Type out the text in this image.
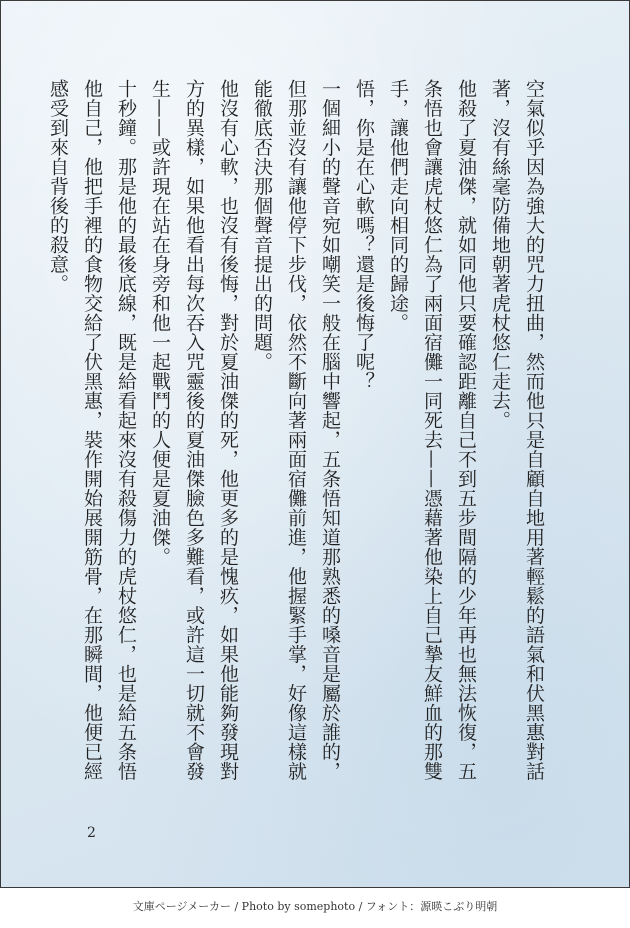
空氣似乎因為強大的咒力扭曲，然而他只是自顧自地用著輕鬆的語氣和伏黑惠對話著，沒有絲毫防備地朝著虎杖悠仁走去。

他殺了夏油傑，就如同他只要確認距離自己不到五步間隔的少年再也無法恢復，五条悟也會讓虎杖悠仁為了兩面宿儺一同死去——憑藉著他染上自己摯友鮮血的那雙手，讓他們走向相同的歸途。

悟，你是在心軟嗎？還是後悔了呢？

一個細小的聲音宛如嘲笑一般在腦中響起，五条悟知道那熟悉的嗓音是屬於誰的，但那並沒有讓他停下步伐，依然不斷向著兩面宿儺前進，他握緊手掌，好像這樣就能徹底否決那個聲音提出的問題。

他沒有心軟，也沒有後悔，對於夏油傑的死，他更多的是愧疚，如果他能夠發現對方的異樣，如果他看出每次吞入咒靈後的夏油傑臉色多難看，或許這一切就不會發生——或許現在站在身旁和他一起戰鬥的人便是夏油傑。

十秒鐘。那是他的最後底線，既是給看起來沒有殺傷力的虎杖悠仁，也是給五条悟他自己，他把手裡的食物交給了伏黑惠，裝作開始展開筋骨，在那瞬間，他便已經感受到來自背後的殺意。

2
文庫ページメーカー / Photo by somephoto / フォント：源暎こぶり明朝
